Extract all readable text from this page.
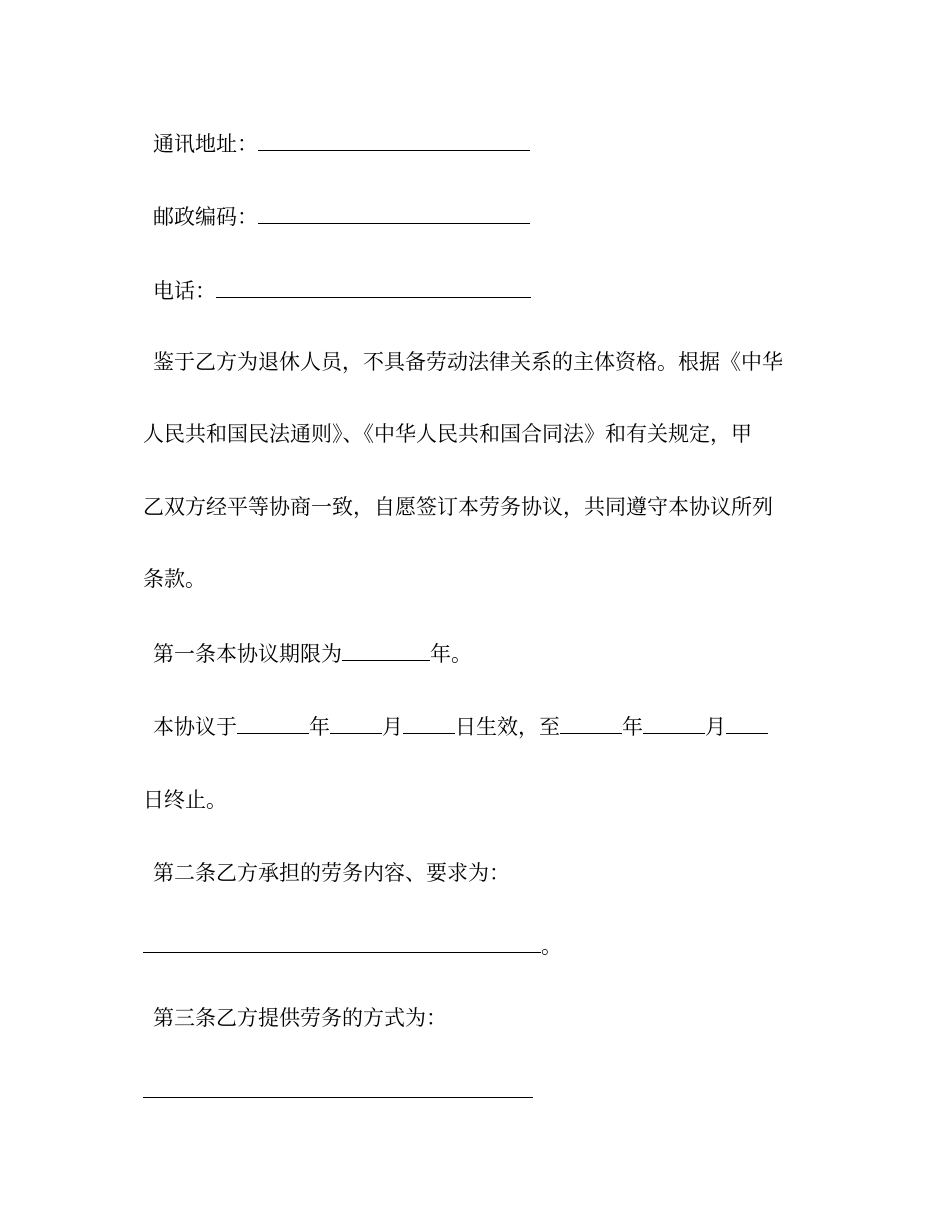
通讯地址：
邮政编码：
电话：
鉴于乙方为退休人员，不具备劳动法律关系的主体资格。根据《中华
人民共和国民法通则》、《中华人民共和国合同法》和有关规定，甲
乙双方经平等协商一致，自愿签订本劳务协议，共同遵守本协议所列
条款。
第一条本协议期限为	年。
本协议于	年 月 日生效，至	年	月
日终止。
第二条乙方承担的劳务内容、要求为：
。
第三条乙方提供劳务的方式为：
